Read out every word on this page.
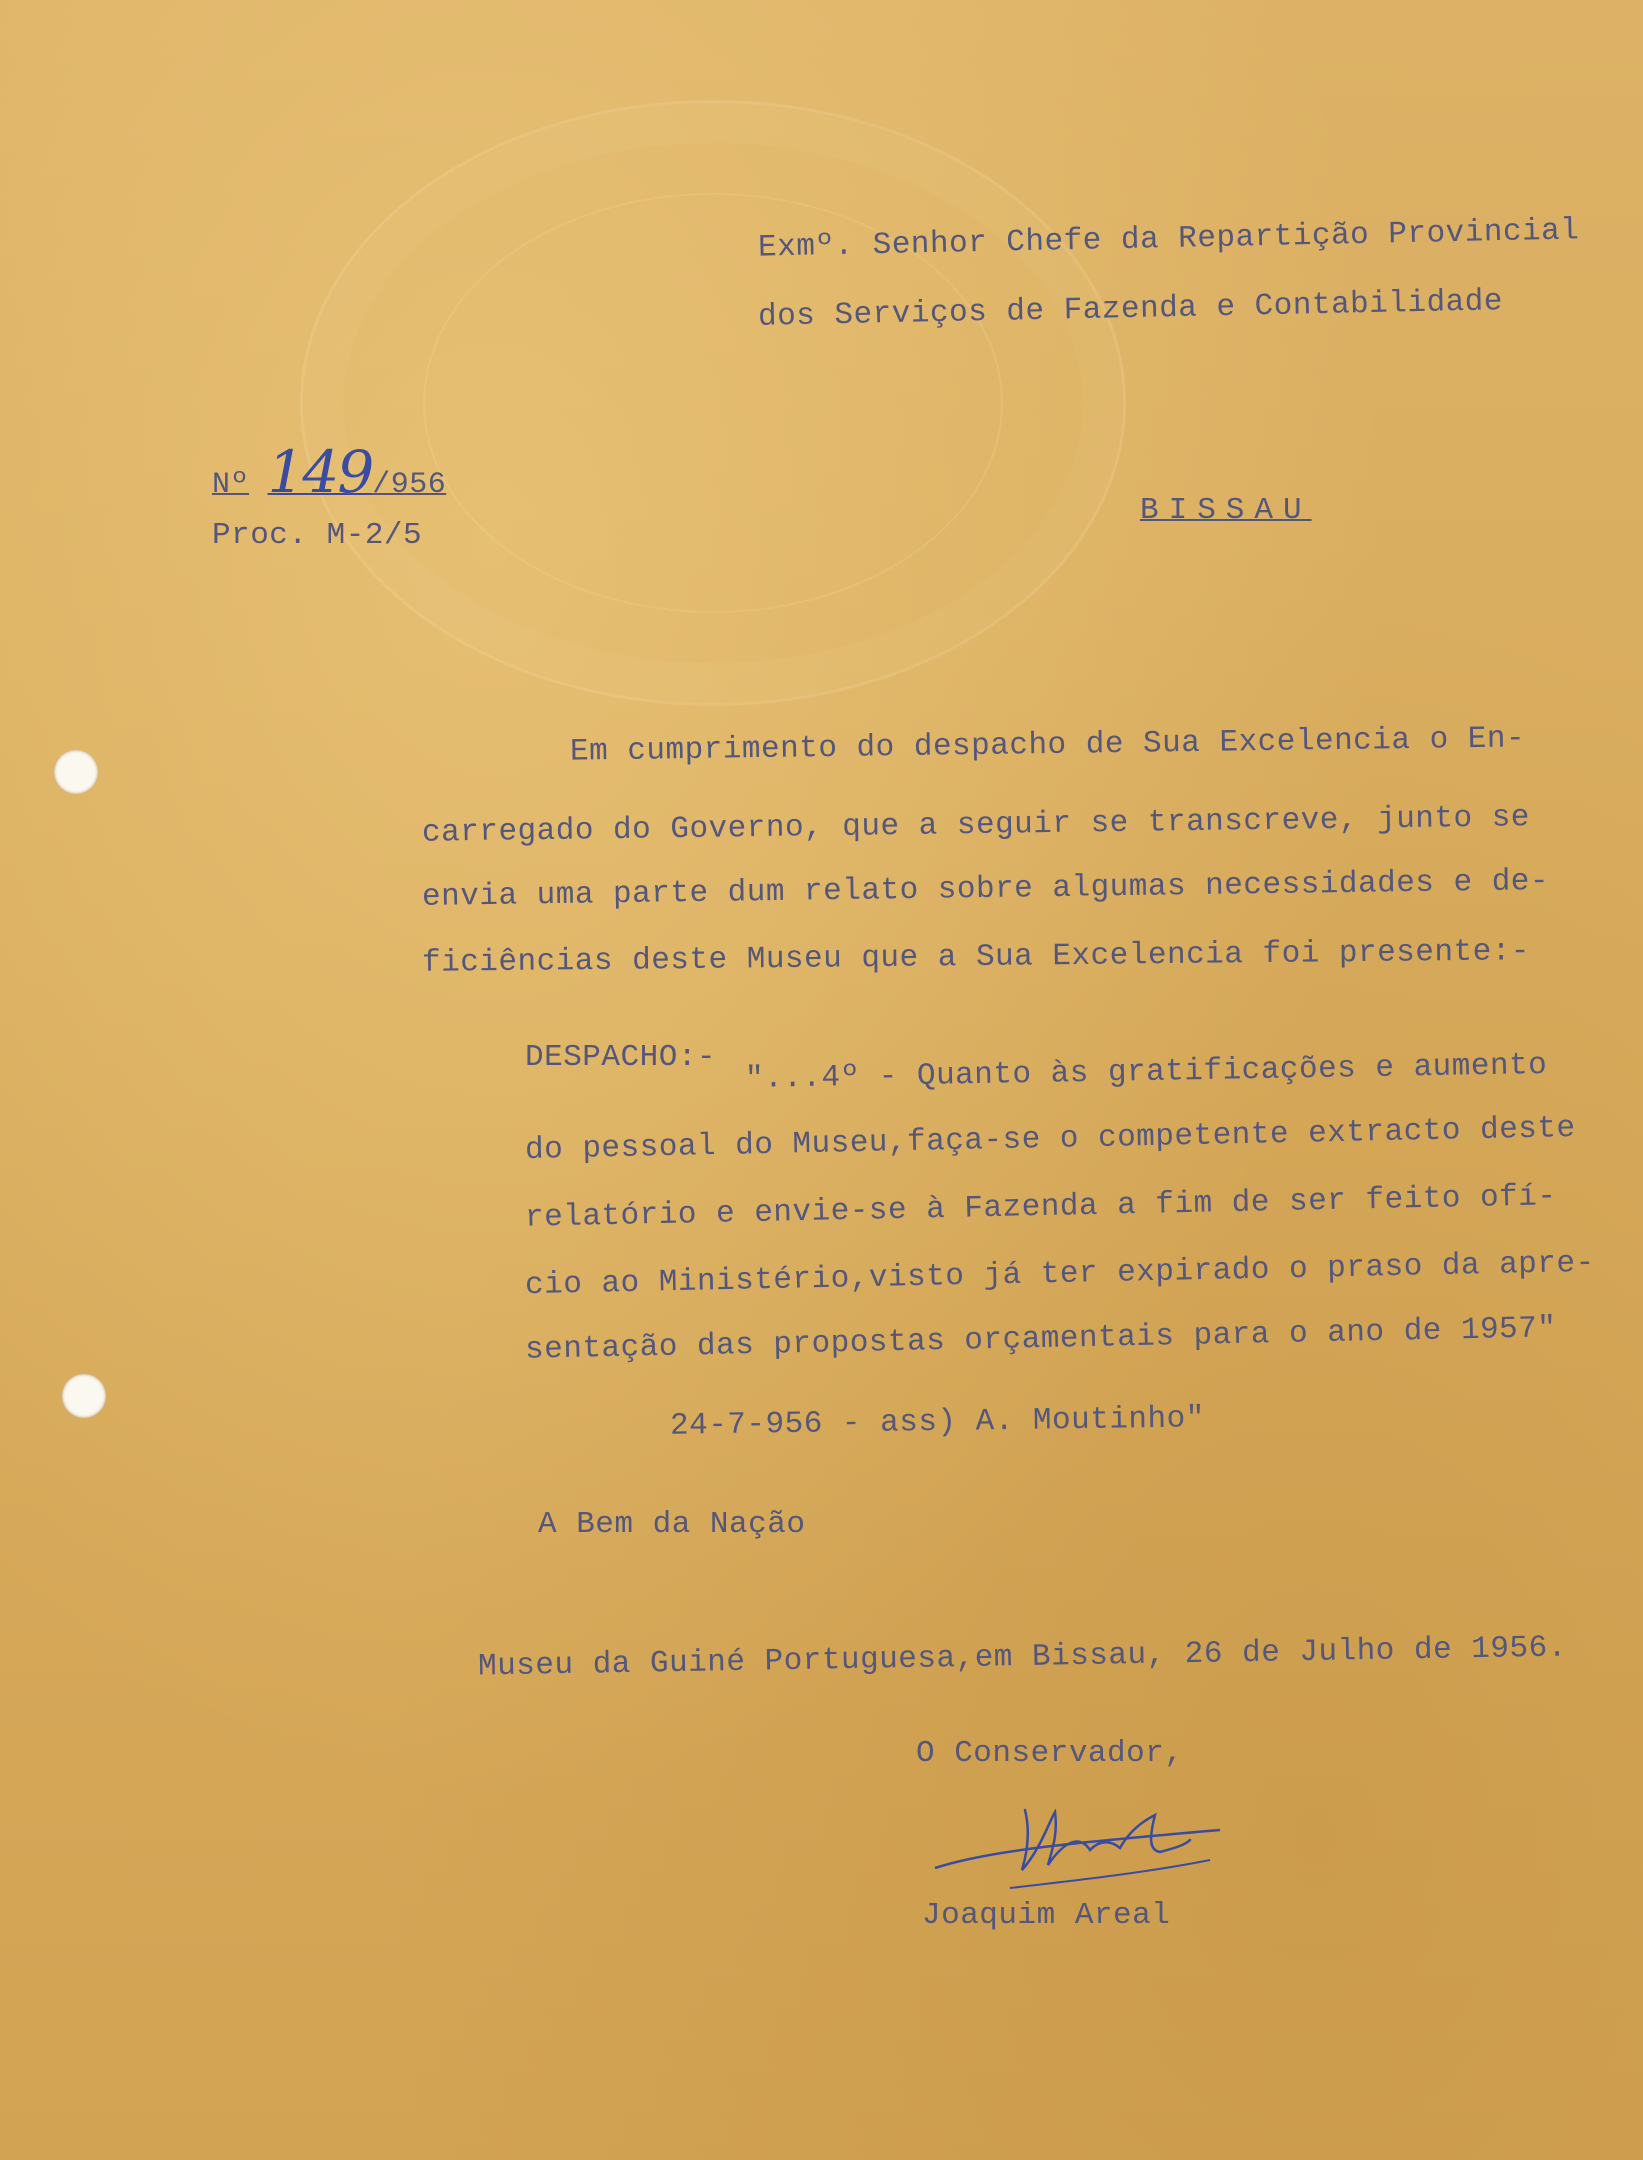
Exmº. Senhor Chefe da Repartição Provincial
dos Serviços de Fazenda e Contabilidade
Nº 149/956
Proc. M-2/5
BISSAU
Em cumprimento do despacho de Sua Excelencia o En-
carregado do Governo, que a seguir se transcreve, junto se
envia uma parte dum relato sobre algumas necessidades e de-
ficiências deste Museu que a Sua Excelencia foi presente:-
DESPACHO:- "...4º - Quanto às gratificações e aumento
do pessoal do Museu,faça-se o competente extracto deste
relatório e envie-se à Fazenda a fim de ser feito ofí-
cio ao Ministério,visto já ter expirado o praso da apre-
sentação das propostas orçamentais para o ano de 1957"
24-7-956 - ass) A. Moutinho"
A Bem da Nação
Museu da Guiné Portuguesa,em Bissau, 26 de Julho de 1956.
O Conservador,
Joaquim Areal
